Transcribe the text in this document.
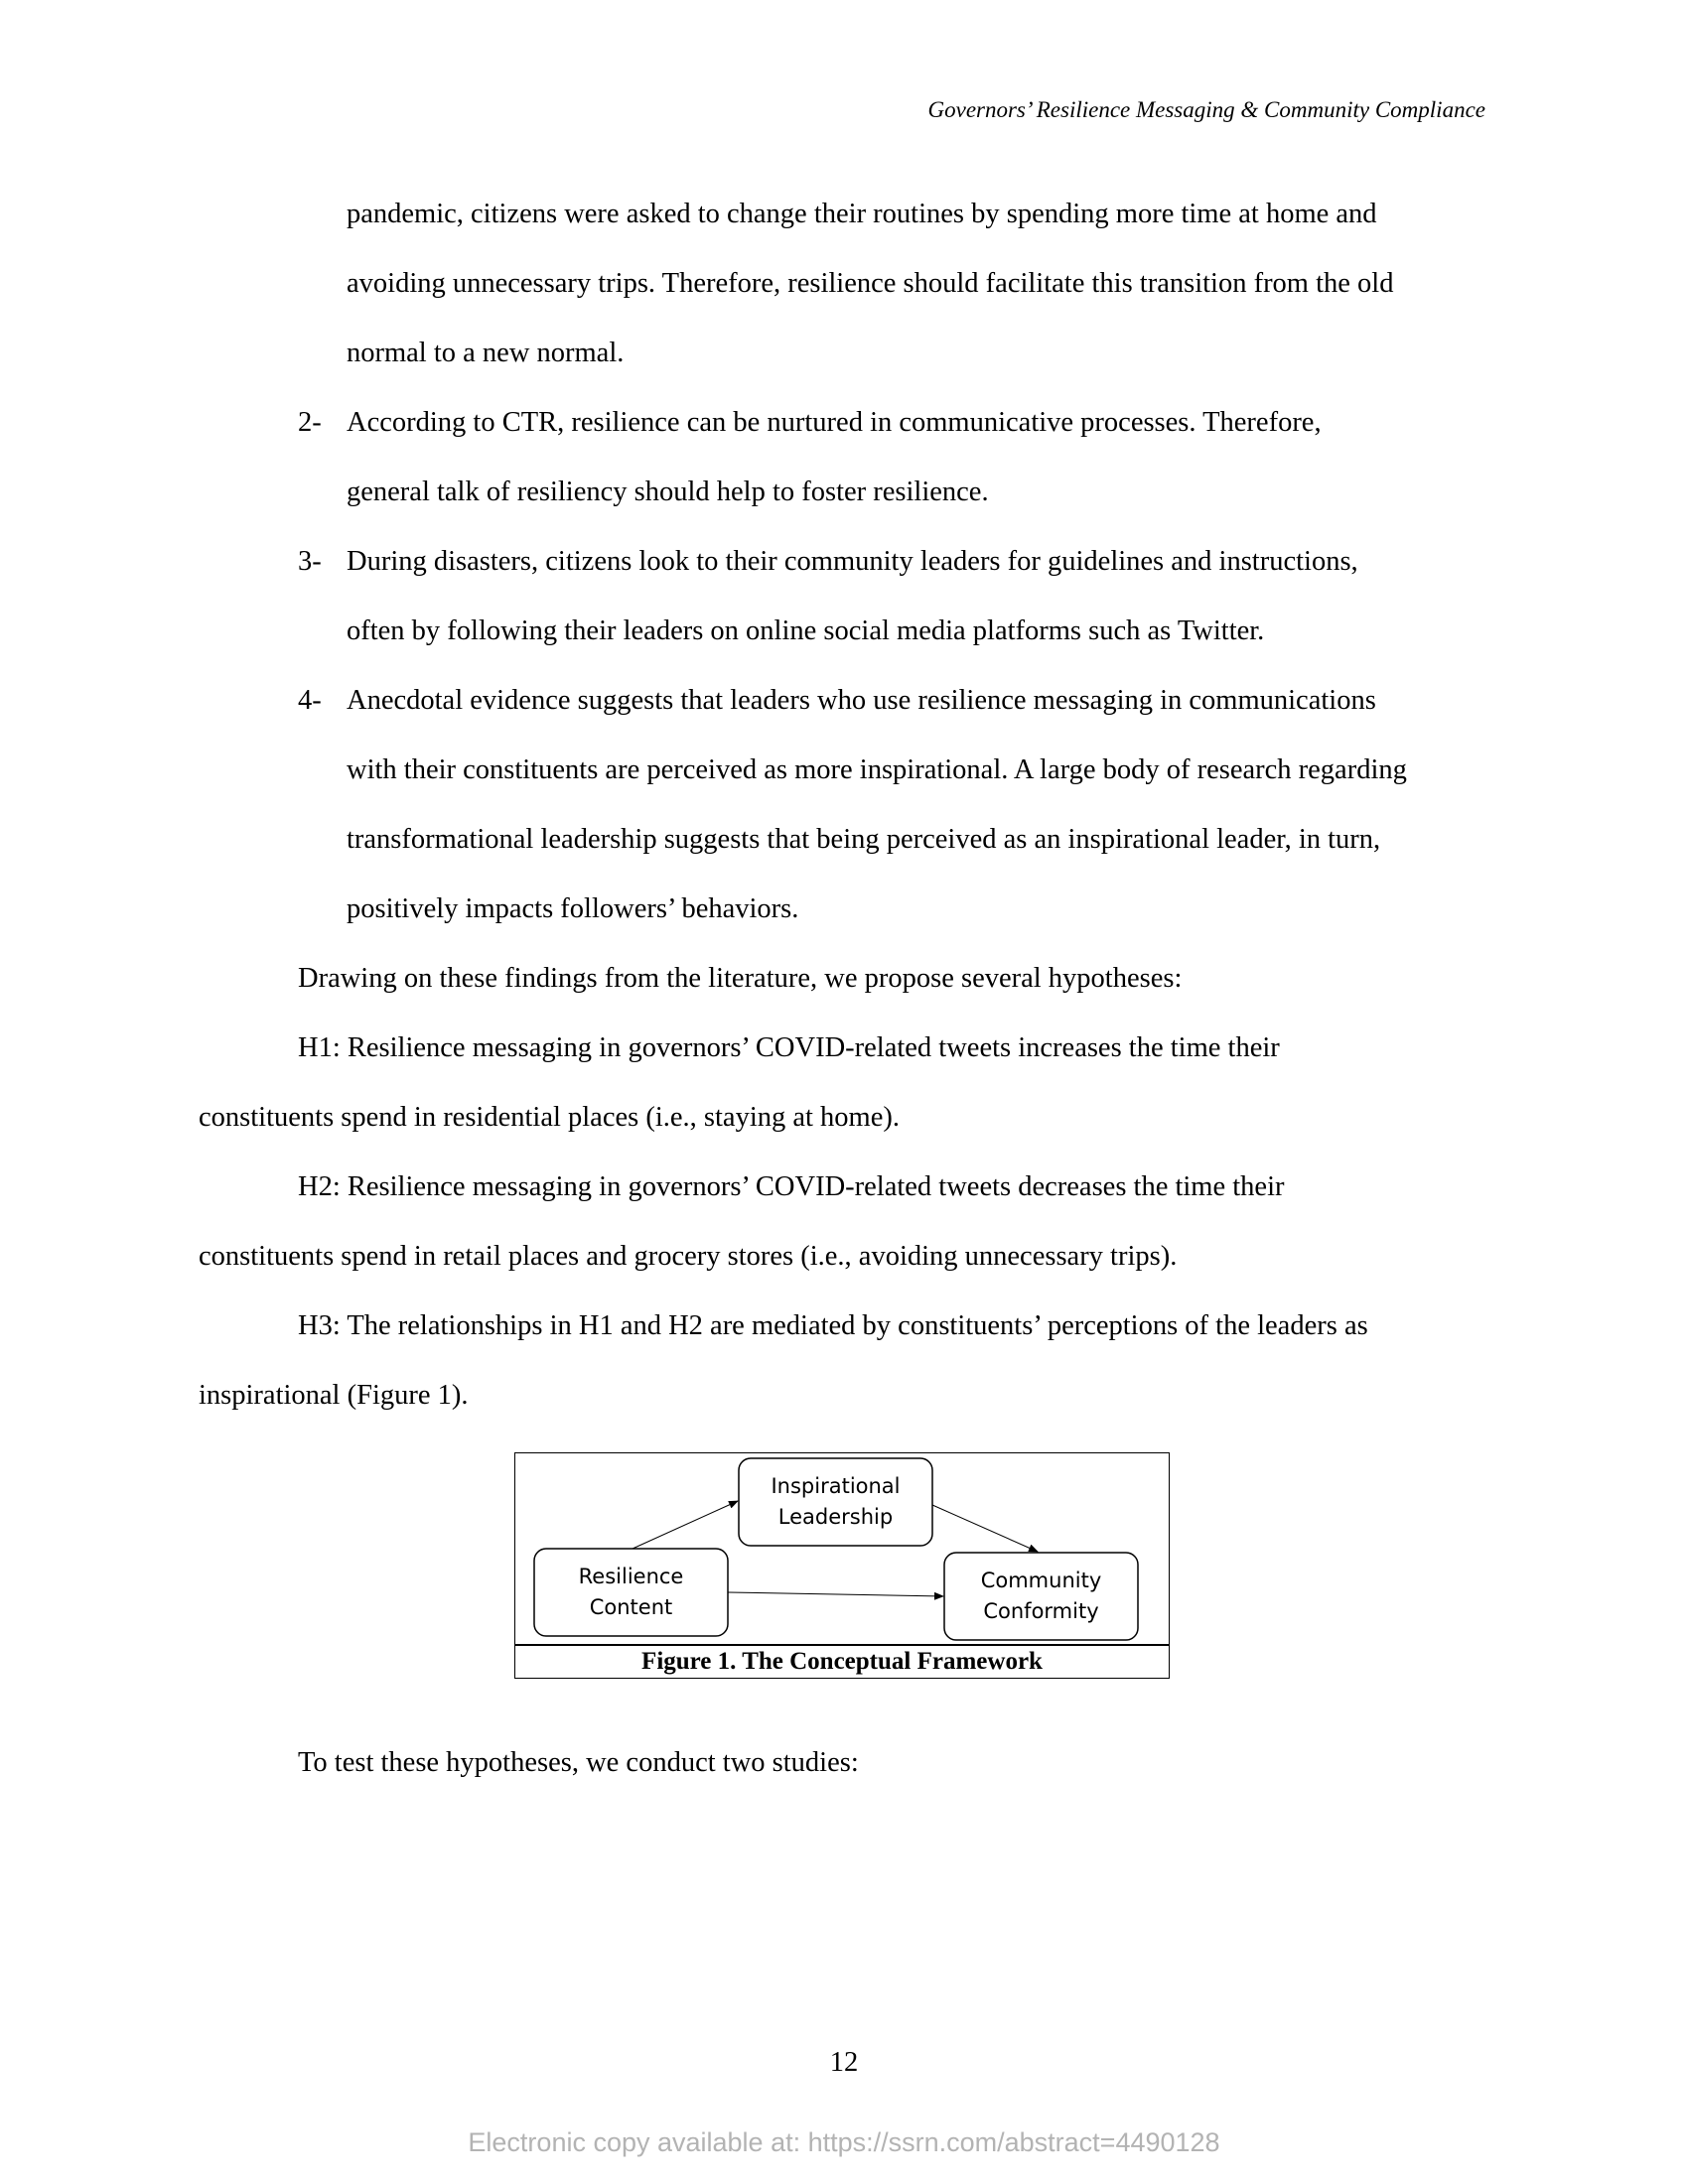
Governors’ Resilience Messaging & Community Compliance
pandemic, citizens were asked to change their routines by spending more time at home and
avoiding unnecessary trips. Therefore, resilience should facilitate this transition from the old
normal to a new normal.
2- According to CTR, resilience can be nurtured in communicative processes. Therefore,
general talk of resiliency should help to foster resilience.
3- During disasters, citizens look to their community leaders for guidelines and instructions,
often by following their leaders on online social media platforms such as Twitter.
4- Anecdotal evidence suggests that leaders who use resilience messaging in communications
with their constituents are perceived as more inspirational. A large body of research regarding
transformational leadership suggests that being perceived as an inspirational leader, in turn,
positively impacts followers’ behaviors.
Drawing on these findings from the literature, we propose several hypotheses:
H1: Resilience messaging in governors’ COVID-related tweets increases the time their
constituents spend in residential places (i.e., staying at home).
H2: Resilience messaging in governors’ COVID-related tweets decreases the time their
constituents spend in retail places and grocery stores (i.e., avoiding unnecessary trips).
H3: The relationships in H1 and H2 are mediated by constituents’ perceptions of the leaders as
inspirational (Figure 1).
Inspirational
Leadership
Resilience
Content
Community
Conformity
Figure 1. The Conceptual Framework
To test these hypotheses, we conduct two studies:
12
Electronic copy available at: https://ssrn.com/abstract=4490128
